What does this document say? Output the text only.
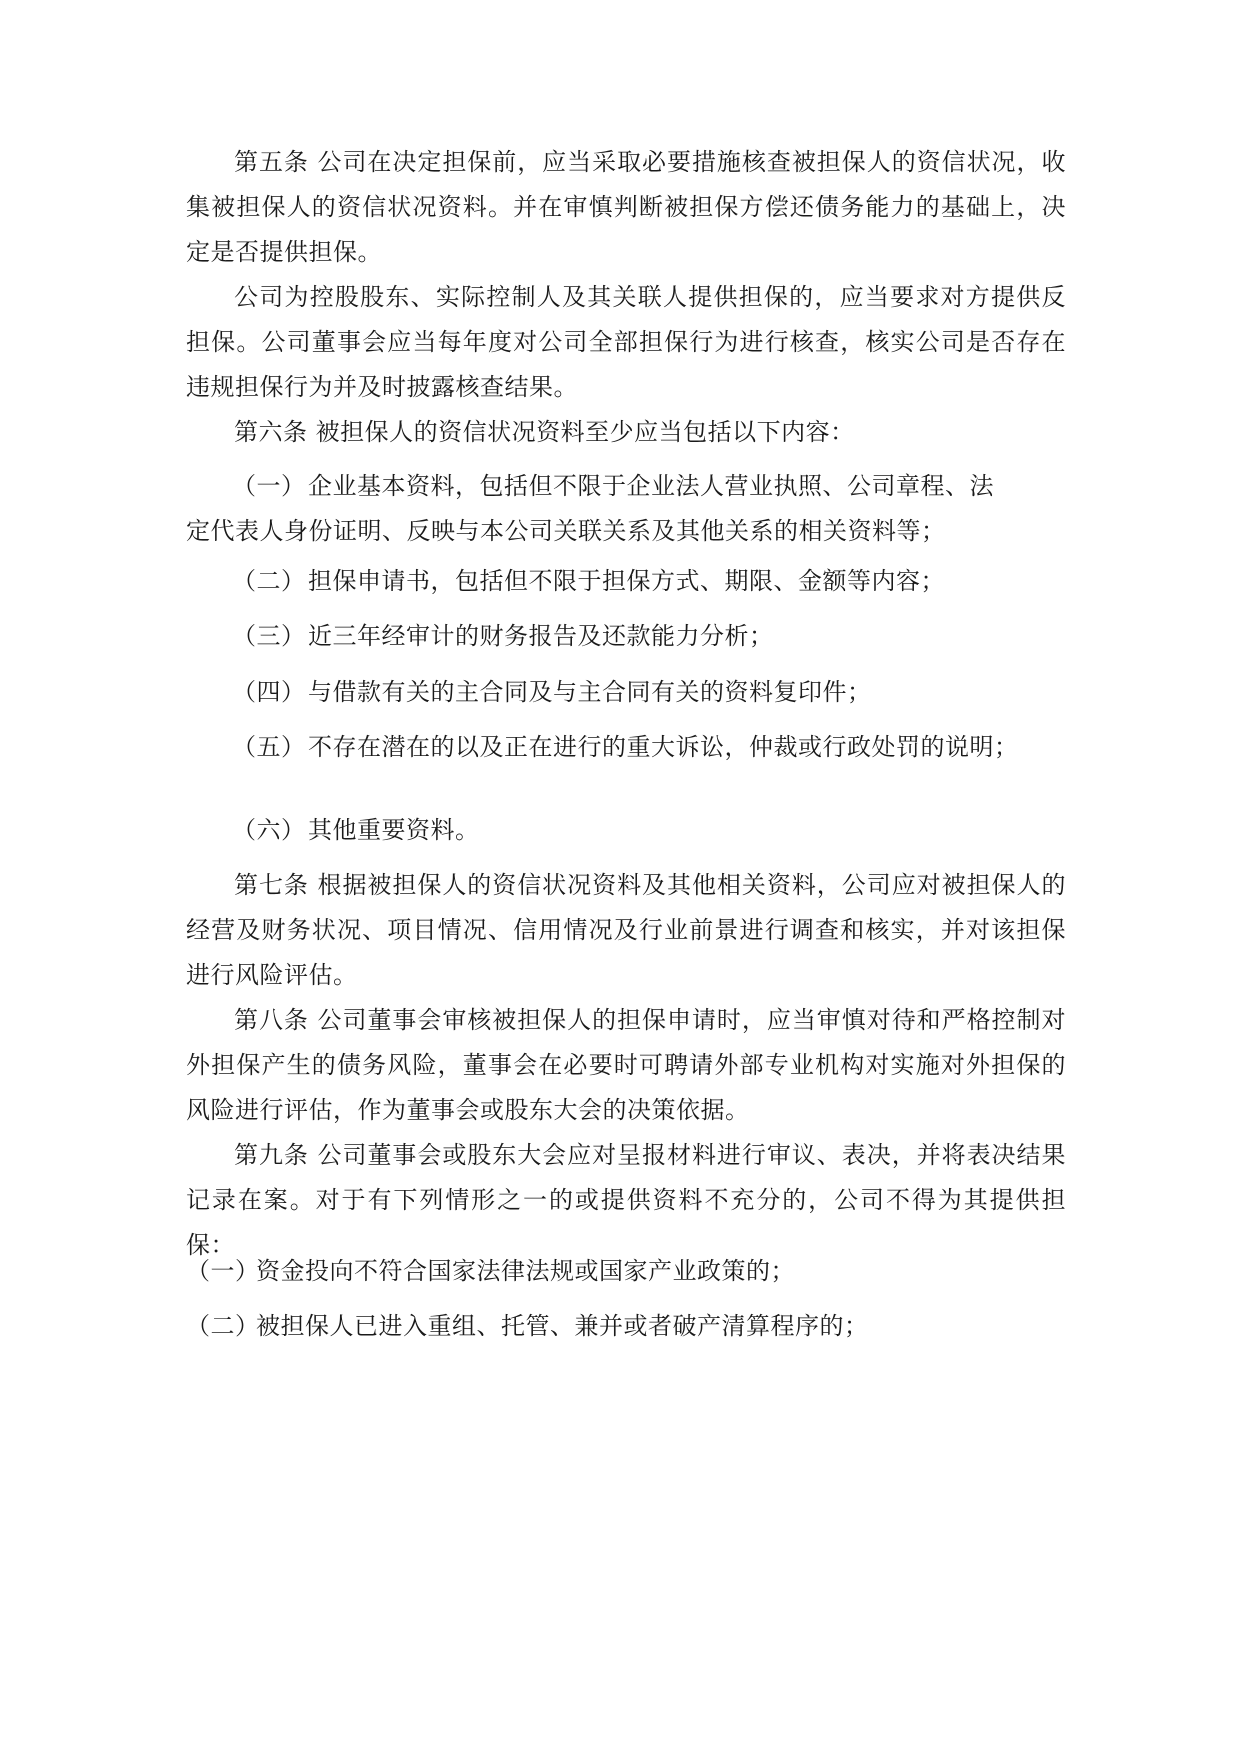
第五条 公司在决定担保前，应当采取必要措施核查被担保人的资信状况，收集被担保人的资信状况资料。并在审慎判断被担保方偿还债务能力的基础上，决定是否提供担保。

公司为控股股东、实际控制人及其关联人提供担保的，应当要求对方提供反担保。公司董事会应当每年度对公司全部担保行为进行核查，核实公司是否存在违规担保行为并及时披露核查结果。

第六条 被担保人的资信状况资料至少应当包括以下内容：

（一） 企业基本资料，包括但不限于企业法人营业执照、公司章程、法
定代表人身份证明、反映与本公司关联关系及其他关系的相关资料等；
（二） 担保申请书，包括但不限于担保方式、期限、金额等内容；
（三） 近三年经审计的财务报告及还款能力分析；
（四） 与借款有关的主合同及与主合同有关的资料复印件；
（五） 不存在潜在的以及正在进行的重大诉讼，仲裁或行政处罚的说明；
（六） 其他重要资料。

第七条 根据被担保人的资信状况资料及其他相关资料，公司应对被担保人的经营及财务状况、项目情况、信用情况及行业前景进行调查和核实，并对该担保进行风险评估。

第八条 公司董事会审核被担保人的担保申请时，应当审慎对待和严格控制对外担保产生的债务风险，董事会在必要时可聘请外部专业机构对实施对外担保的风险进行评估，作为董事会或股东大会的决策依据。

第九条 公司董事会或股东大会应对呈报材料进行审议、表决，并将表决结果记录在案。对于有下列情形之一的或提供资料不充分的，公司不得为其提供担保：

（一）资金投向不符合国家法律法规或国家产业政策的；
（二）被担保人已进入重组、托管、兼并或者破产清算程序的；
